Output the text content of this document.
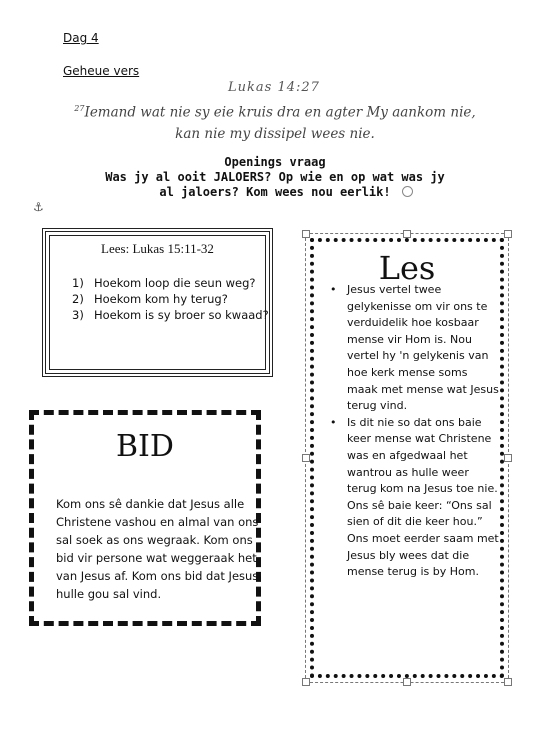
Dag 4
Geheue vers
Lukas 14:27
$^{27}$Iemand wat nie sy eie kruis dra en agter My aankom nie,
kan nie my dissipel wees nie.
Openings vraag
Was jy al ooit JALOERS? Op wie en op wat was jy
al jaloers? Kom wees nou eerlik!
⚓
Lees: Lukas 15:11-32
1) Hoekom loop die seun weg?
2) Hoekom kom hy terug?
3) Hoekom is sy broer so kwaad?
BID
Kom ons sê dankie dat Jesus alle Christene vashou en almal van ons sal soek as ons wegraak. Kom ons bid vir persone wat weggeraak het van Jesus af. Kom ons bid dat Jesus hulle gou sal vind.
Les
• Jesus vertel twee gelykenisse om vir ons te verduidelik hoe kosbaar mense vir Hom is. Nou vertel hy 'n gelykenis van hoe kerk mense soms maak met mense wat Jesus terug vind.
• Is dit nie so dat ons baie keer mense wat Christene was en afgedwaal het wantrou as hulle weer terug kom na Jesus toe nie. Ons sê baie keer: “Ons sal sien of dit die keer hou.” Ons moet eerder saam met Jesus bly wees dat die mense terug is by Hom.
